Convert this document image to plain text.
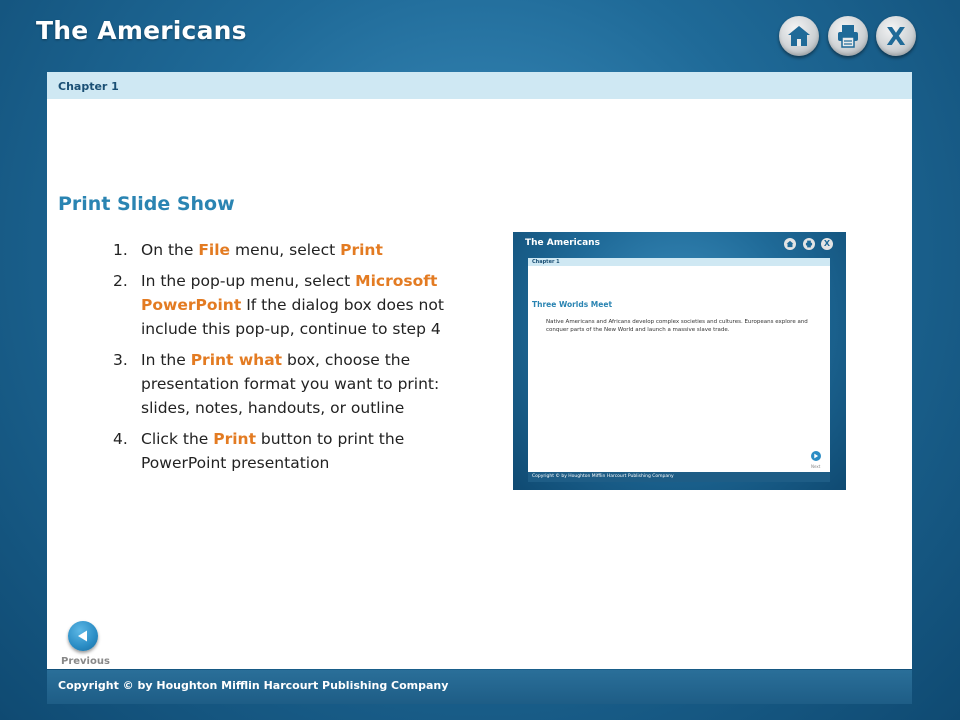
The Americans	X
Chapter 1
Print Slide Show
1. On the File menu, select Print
2. In the pop-up menu, select Microsoft PowerPoint If the dialog box does not include this pop-up, continue to step 4
3. In the Print what box, choose the presentation format you want to print: slides, notes, handouts, or outline
4. Click the Print button to print the PowerPoint presentation
Previous
Copyright © by Houghton Mifflin Harcourt Publishing Company
The Americans	X
Chapter 1
Three Worlds Meet
Native Americans and Africans develop complex societies and cultures. Europeans explore and conquer parts of the New World and launch a massive slave trade.
Next
Copyright © by Houghton Mifflin Harcourt Publishing Company
